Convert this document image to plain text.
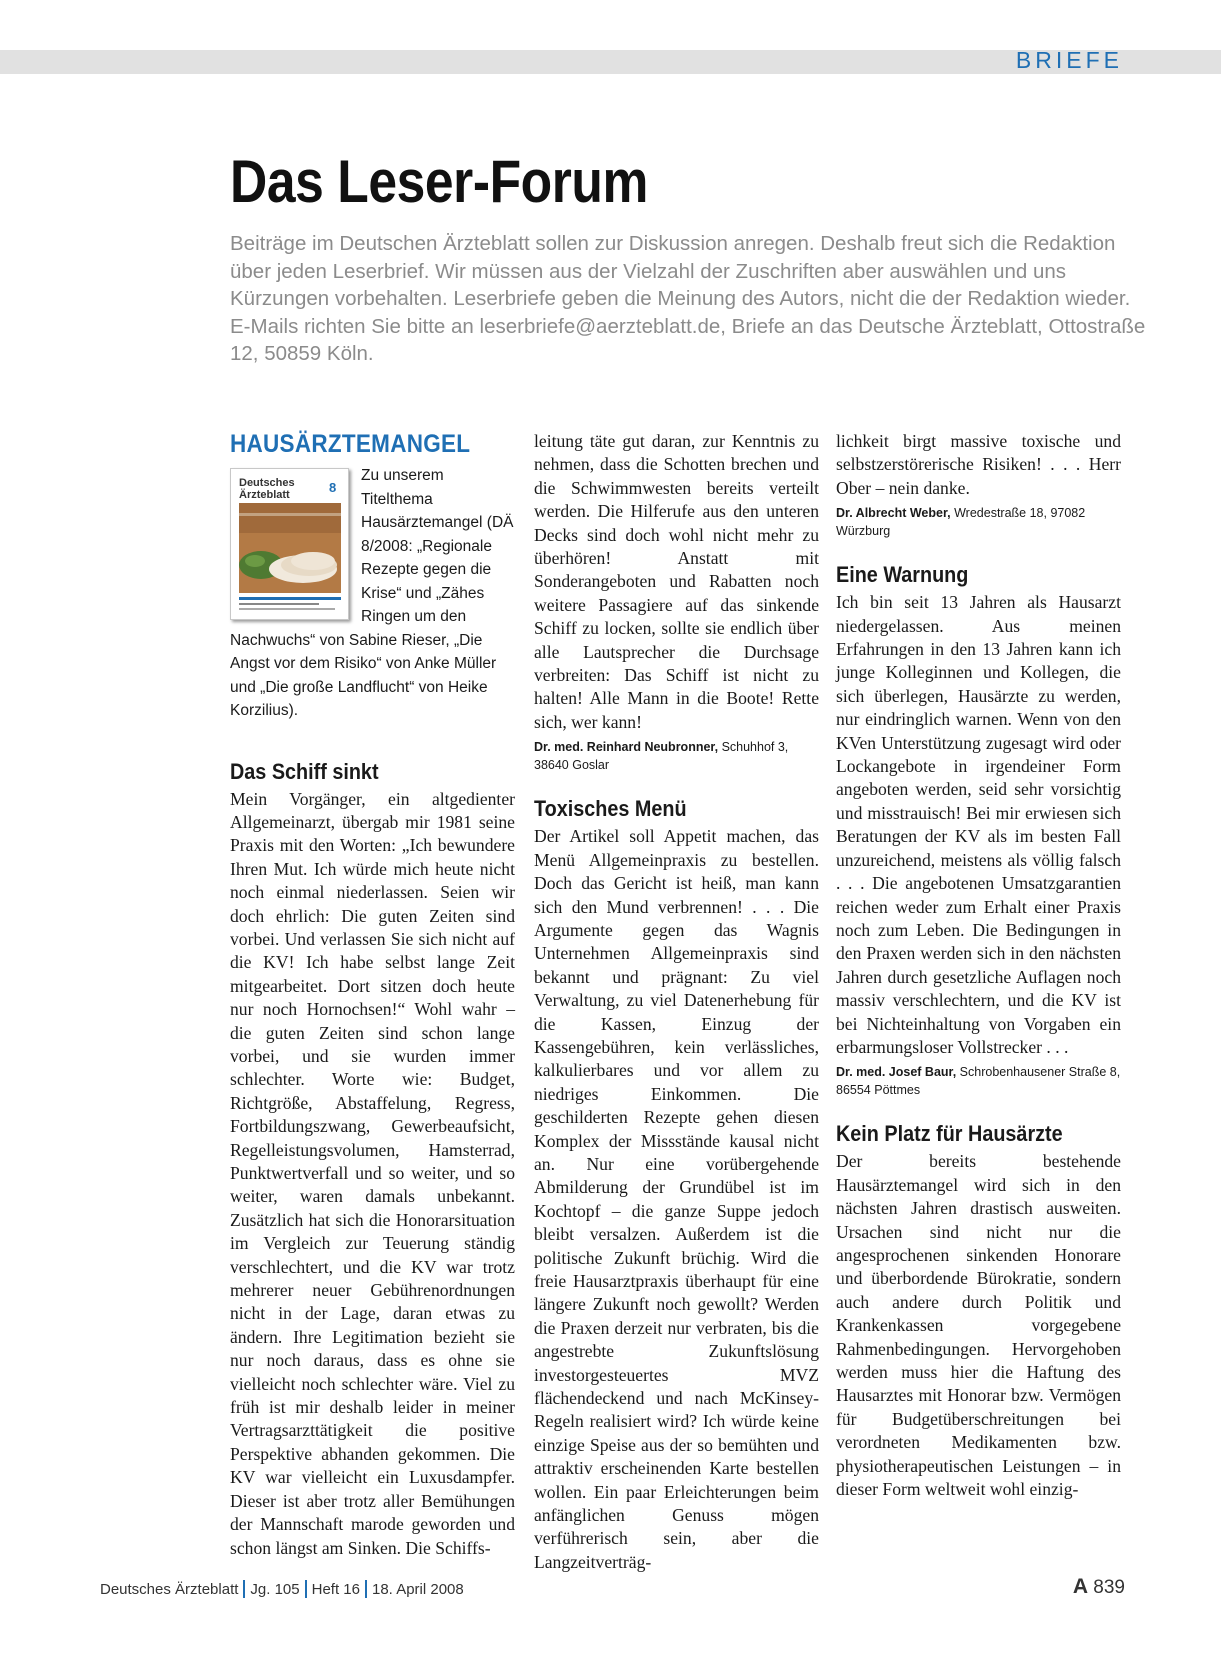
BRIEFE
Das Leser-Forum

Beiträge im Deutschen Ärzteblatt sollen zur Diskussion anregen. Deshalb freut sich die Redaktion über jeden Leserbrief. Wir müssen aus der Vielzahl der Zuschriften aber auswählen und uns Kürzungen vorbehalten. Leserbriefe geben die Meinung des Autors, nicht die der Redaktion wieder. E-Mails richten Sie bitte an leserbriefe@aerzteblatt.de, Briefe an das Deutsche Ärzteblatt, Ottostraße 12, 50859 Köln.

HAUSÄRZTEMANGEL
Deutsches
Ärzteblatt	8

Zu unserem Titelthema Hausärztemangel (DÄ 8/2008: „Regionale Rezepte gegen die Krise“ und „Zähes Ringen um den Nachwuchs“ von Sabine Rieser, „Die Angst vor dem Risiko“ von Anke Müller und „Die große Landflucht“ von Heike Korzilius).

Das Schiff sinkt

Mein Vorgänger, ein altgedienter Allgemeinarzt, übergab mir 1981 seine Praxis mit den Worten: „Ich bewundere Ihren Mut. Ich würde mich heute nicht noch einmal niederlassen. Seien wir doch ehrlich: Die guten Zeiten sind vorbei. Und verlassen Sie sich nicht auf die KV! Ich habe selbst lange Zeit mitgearbeitet. Dort sitzen doch heute nur noch Hornochsen!“ Wohl wahr – die guten Zeiten sind schon lange vorbei, und sie wurden immer schlechter. Worte wie: Budget, Richtgröße, Abstaffelung, Regress, Fortbildungszwang, Gewerbeaufsicht, Regelleistungsvolumen, Hamsterrad, Punktwertverfall und so weiter, und so weiter, waren damals unbekannt. Zusätzlich hat sich die Honorarsituation im Vergleich zur Teuerung ständig verschlechtert, und die KV war trotz mehrerer neuer Gebührenordnungen nicht in der Lage, daran etwas zu ändern. Ihre Legitimation bezieht sie nur noch daraus, dass es ohne sie vielleicht noch schlechter wäre. Viel zu früh ist mir deshalb leider in meiner Vertragsarzttätigkeit die positive Perspektive abhanden gekommen. Die KV war vielleicht ein Luxusdampfer. Dieser ist aber trotz aller Bemühungen der Mannschaft marode geworden und schon längst am Sinken. Die Schiffs-

leitung täte gut daran, zur Kenntnis zu nehmen, dass die Schotten brechen und die Schwimmwesten bereits verteilt werden. Die Hilferufe aus den unteren Decks sind doch wohl nicht mehr zu überhören! Anstatt mit Sonderangeboten und Rabatten noch weitere Passagiere auf das sinkende Schiff zu locken, sollte sie endlich über alle Lautsprecher die Durchsage verbreiten: Das Schiff ist nicht zu halten! Alle Mann in die Boote! Rette sich, wer kann!

Dr. med. Reinhard Neubronner, Schuhhof 3, 38640 Goslar

Toxisches Menü

Der Artikel soll Appetit machen, das Menü Allgemeinpraxis zu bestellen. Doch das Gericht ist heiß, man kann sich den Mund verbrennen! . . . Die Argumente gegen das Wagnis Unternehmen Allgemeinpraxis sind bekannt und prägnant: Zu viel Verwaltung, zu viel Datenerhebung für die Kassen, Einzug der Kassengebühren, kein verlässliches, kalkulierbares und vor allem zu niedriges Einkommen. Die geschilderten Rezepte gehen diesen Komplex der Missstände kausal nicht an. Nur eine vorübergehende Abmilderung der Grundübel ist im Kochtopf – die ganze Suppe jedoch bleibt versalzen. Außerdem ist die politische Zukunft brüchig. Wird die freie Hausarztpraxis überhaupt für eine längere Zukunft noch gewollt? Werden die Praxen derzeit nur verbraten, bis die angestrebte Zukunftslösung investorgesteuertes MVZ flächendeckend und nach McKinsey-Regeln realisiert wird? Ich würde keine einzige Speise aus der so bemühten und attraktiv erscheinenden Karte bestellen wollen. Ein paar Erleichterungen beim anfänglichen Genuss mögen verführerisch sein, aber die Langzeitverträg-

lichkeit birgt massive toxische und selbstzerstörerische Risiken! . . . Herr Ober – nein danke.

Dr. Albrecht Weber, Wredestraße 18, 97082 Würzburg

Eine Warnung

Ich bin seit 13 Jahren als Hausarzt niedergelassen. Aus meinen Erfahrungen in den 13 Jahren kann ich junge Kolleginnen und Kollegen, die sich überlegen, Hausärzte zu werden, nur eindringlich warnen. Wenn von den KVen Unterstützung zugesagt wird oder Lockangebote in irgendeiner Form angeboten werden, seid sehr vorsichtig und misstrauisch! Bei mir erwiesen sich Beratungen der KV als im besten Fall unzureichend, meistens als völlig falsch . . . Die angebotenen Umsatzgarantien reichen weder zum Erhalt einer Praxis noch zum Leben. Die Bedingungen in den Praxen werden sich in den nächsten Jahren durch gesetzliche Auflagen noch massiv verschlechtern, und die KV ist bei Nichteinhaltung von Vorgaben ein erbarmungsloser Vollstrecker . . .

Dr. med. Josef Baur, Schrobenhausener Straße 8, 86554 Pöttmes

Kein Platz für Hausärzte

Der bereits bestehende Hausärztemangel wird sich in den nächsten Jahren drastisch ausweiten. Ursachen sind nicht nur die angesprochenen sinkenden Honorare und überbordende Bürokratie, sondern auch andere durch Politik und Krankenkassen vorgegebene Rahmenbedingungen. Hervorgehoben werden muss hier die Haftung des Hausarztes mit Honorar bzw. Vermögen für Budgetüberschreitungen bei verordneten Medikamenten bzw. physiotherapeutischen Leistungen – in dieser Form weltweit wohl einzig-

Deutsches Ärzteblatt Jg. 105 Heft 16 18. April 2008	A 839
